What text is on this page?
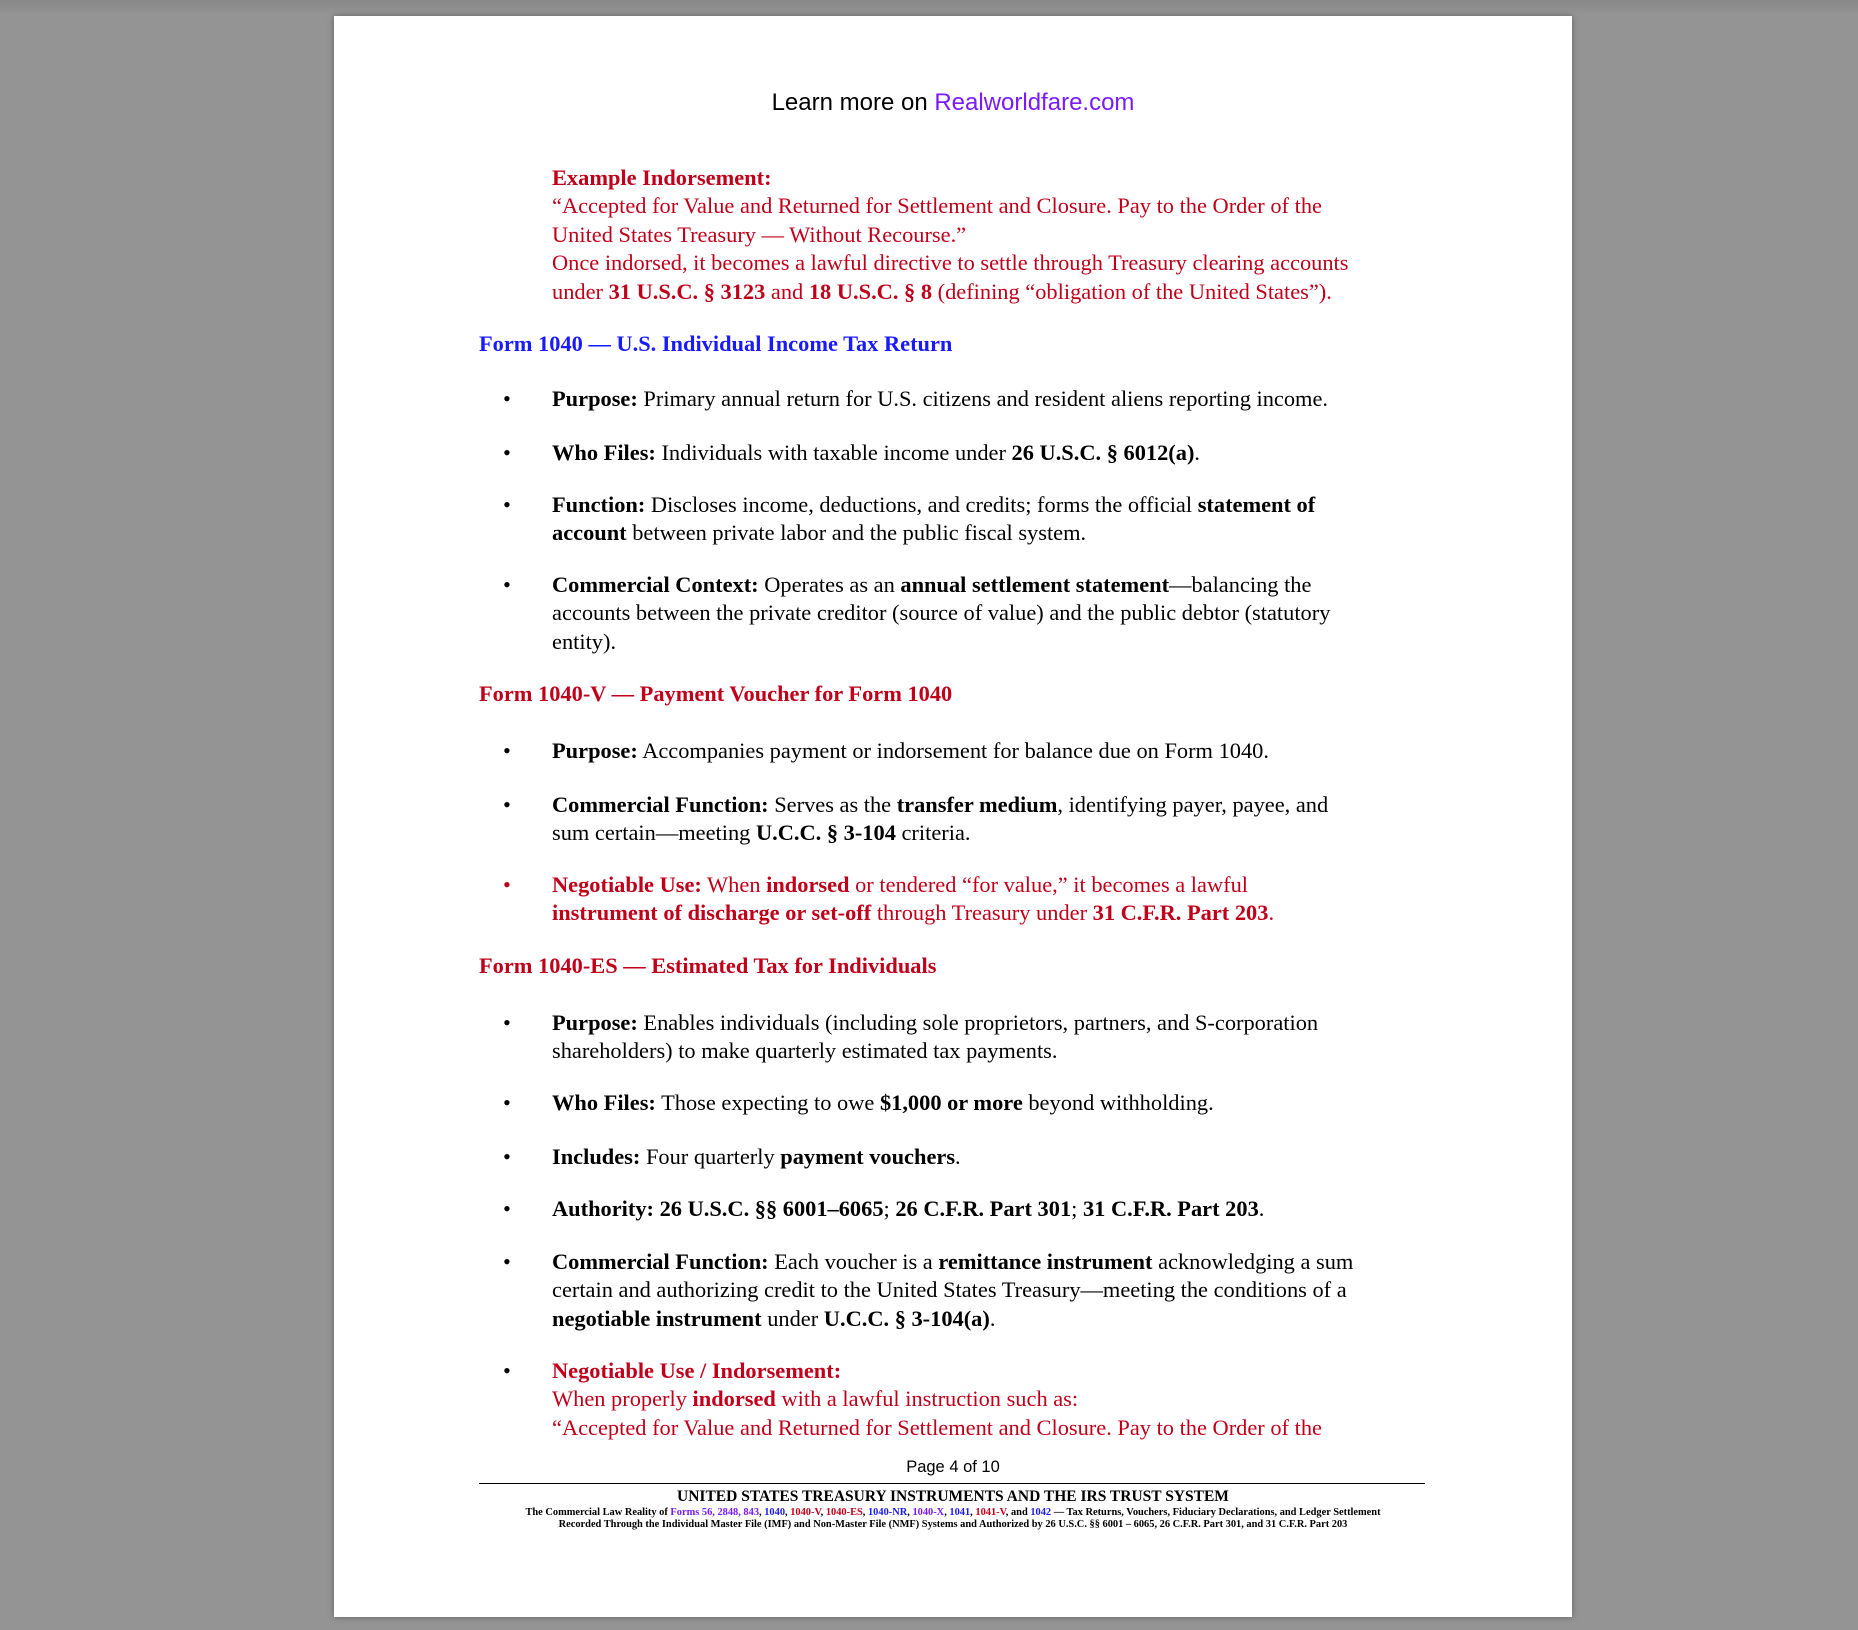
Learn more on Realworldfare.com
Example Indorsement:
“Accepted for Value and Returned for Settlement and Closure. Pay to the Order of the
United States Treasury — Without Recourse.”
Once indorsed, it becomes a lawful directive to settle through Treasury clearing accounts
under 31 U.S.C. § 3123 and 18 U.S.C. § 8 (defining “obligation of the United States”).
Form 1040 — U.S. Individual Income Tax Return
• Purpose: Primary annual return for U.S. citizens and resident aliens reporting income.
• Who Files: Individuals with taxable income under 26 U.S.C. § 6012(a).
• Function: Discloses income, deductions, and credits; forms the official statement of
account between private labor and the public fiscal system.
• Commercial Context: Operates as an annual settlement statement—balancing the
accounts between the private creditor (source of value) and the public debtor (statutory
entity).
Form 1040-V — Payment Voucher for Form 1040
• Purpose: Accompanies payment or indorsement for balance due on Form 1040.
• Commercial Function: Serves as the transfer medium, identifying payer, payee, and
sum certain—meeting U.C.C. § 3-104 criteria.
• Negotiable Use: When indorsed or tendered “for value,” it becomes a lawful
instrument of discharge or set-off through Treasury under 31 C.F.R. Part 203.
Form 1040-ES — Estimated Tax for Individuals
• Purpose: Enables individuals (including sole proprietors, partners, and S-corporation
shareholders) to make quarterly estimated tax payments.
• Who Files: Those expecting to owe $1,000 or more beyond withholding.
• Includes: Four quarterly payment vouchers.
• Authority: 26 U.S.C. §§ 6001–6065; 26 C.F.R. Part 301; 31 C.F.R. Part 203.
• Commercial Function: Each voucher is a remittance instrument acknowledging a sum
certain and authorizing credit to the United States Treasury—meeting the conditions of a
negotiable instrument under U.C.C. § 3-104(a).
• Negotiable Use / Indorsement:
When properly indorsed with a lawful instruction such as:
“Accepted for Value and Returned for Settlement and Closure. Pay to the Order of the
Page 4 of 10
UNITED STATES TREASURY INSTRUMENTS AND THE IRS TRUST SYSTEM
The Commercial Law Reality of Forms 56, 2848, 843, 1040, 1040-V, 1040-ES, 1040-NR, 1040-X, 1041, 1041-V, and 1042 — Tax Returns, Vouchers, Fiduciary Declarations, and Ledger Settlement
Recorded Through the Individual Master File (IMF) and Non-Master File (NMF) Systems and Authorized by 26 U.S.C. §§ 6001 – 6065, 26 C.F.R. Part 301, and 31 C.F.R. Part 203
